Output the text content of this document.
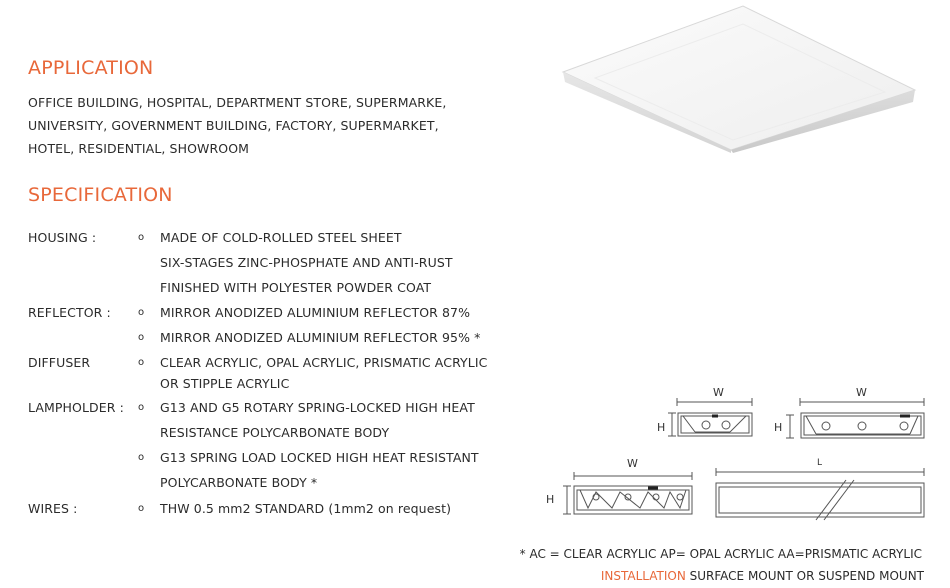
APPLICATION
OFFICE BUILDING, HOSPITAL, DEPARTMENT STORE, SUPERMARKE,
UNIVERSITY, GOVERNMENT BUILDING, FACTORY, SUPERMARKET,
HOTEL, RESIDENTIAL, SHOWROOM
SPECIFICATION
HOUSING :	o MADE OF COLD-ROLLED STEEL SHEET
SIX-STAGES ZINC-PHOSPHATE AND ANTI-RUST
FINISHED WITH POLYESTER POWDER COAT
REFLECTOR :	o MIRROR ANODIZED ALUMINIUM REFLECTOR 87%
o MIRROR ANODIZED ALUMINIUM REFLECTOR 95% *
DIFFUSER	o CLEAR ACRYLIC, OPAL ACRYLIC, PRISMATIC ACRYLIC
OR STIPPLE ACRYLIC
LAMPHOLDER : o G13 AND G5 ROTARY SPRING-LOCKED HIGH HEAT
RESISTANCE POLYCARBONATE BODY
o G13 SPRING LOAD LOCKED HIGH HEAT RESISTANT
POLYCARBONATE BODY *
WIRES :	o THW 0.5 mm2 STANDARD (1mm2 on request)
W	W
W	L
H	H
H
* AC = CLEAR ACRYLIC AP= OPAL ACRYLIC AA=PRISMATIC ACRYLIC
INSTALLATION SURFACE MOUNT OR SUSPEND MOUNT
